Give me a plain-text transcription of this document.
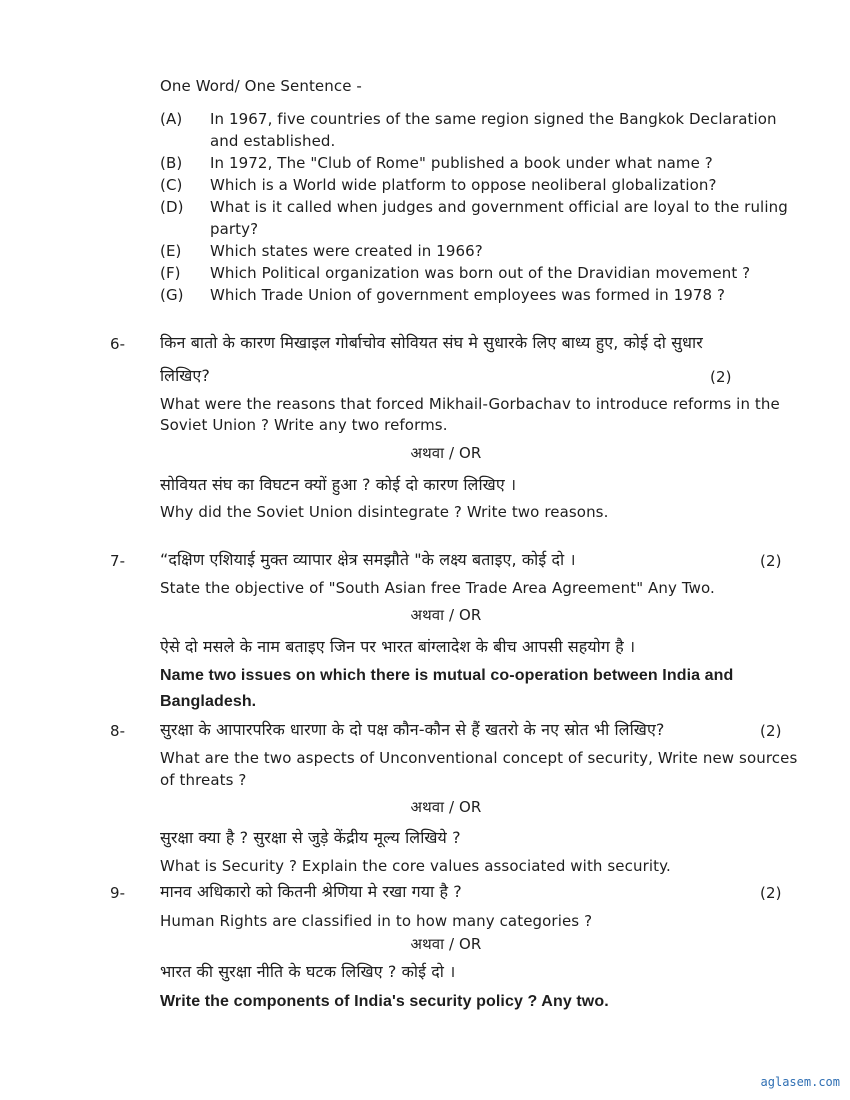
One Word/ One Sentence -
(A) In 1967, five countries of the same region signed the Bangkok Declaration
and established.
(B) In 1972, The "Club of Rome" published a book under what name ?
(C) Which is a World wide platform to oppose neoliberal globalization?
(D) What is it called when judges and government official are loyal to the ruling
party?
(E) Which states were created in 1966?
(F) Which Political organization was born out of the Dravidian movement ?
(G) Which Trade Union of government employees was formed in 1978 ?
6- किन बातो के कारण मिखाइल गोर्बाचोव सोवियत संघ मे सुधारके लिए बाध्य हुए, कोई दो सुधार
लिखिए?	(2)
What were the reasons that forced Mikhail-Gorbachav to introduce reforms in the
Soviet Union ? Write any two reforms.
अथवा / OR
सोवियत संघ का विघटन क्यों हुआ ? कोई दो कारण लिखिए ।
Why did the Soviet Union disintegrate ? Write two reasons.
7- “दक्षिण एशियाई मुक्त व्यापार क्षेत्र समझौते "के लक्ष्य बताइए, कोई दो ।	(2)
State the objective of "South Asian free Trade Area Agreement" Any Two.
अथवा / OR
ऐसे दो मसले के नाम बताइए जिन पर भारत बांग्लादेश के बीच आपसी सहयोग है ।
Name two issues on which there is mutual co-operation between India and
Bangladesh.
8- सुरक्षा के आपारपरिक धारणा के दो पक्ष कौन-कौन से हैं खतरो के नए स्रोत भी लिखिए?	(2)
What are the two aspects of Unconventional concept of security, Write new sources
of threats ?
अथवा / OR
सुरक्षा क्या है ? सुरक्षा से जुड़े केंद्रीय मूल्य लिखिये ?
What is Security ? Explain the core values associated with security.
9- मानव अधिकारो को कितनी श्रेणिया मे रखा गया है ?	(2)
Human Rights are classified in to how many categories ?
अथवा / OR
भारत की सुरक्षा नीति के घटक लिखिए ? कोई दो ।
Write the components of India's security policy ? Any two.
aglasem.com
